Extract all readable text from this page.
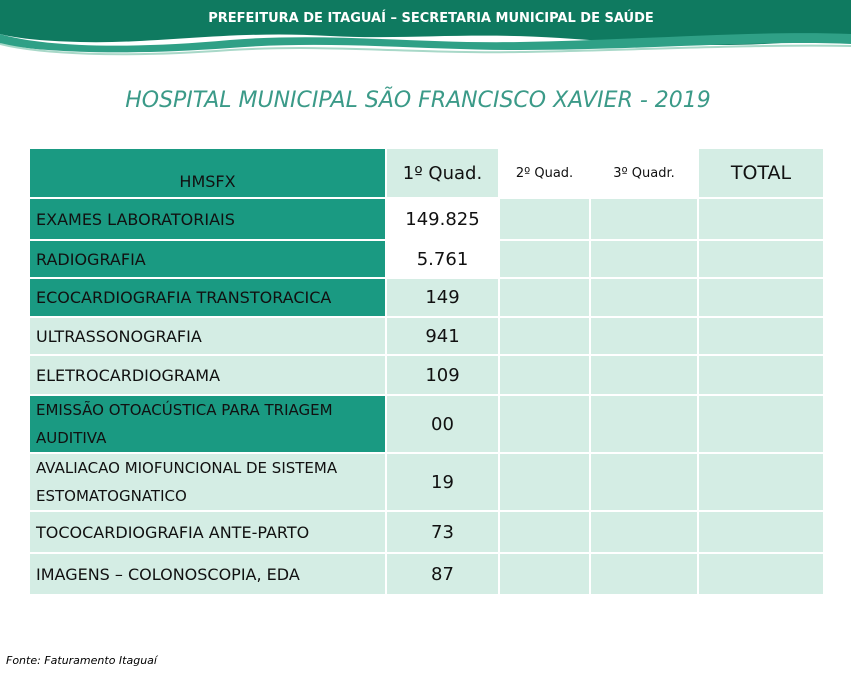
PREFEITURA DE ITAGUAÍ – SECRETARIA MUNICIPAL DE SAÚDE
HOSPITAL MUNICIPAL SÃO FRANCISCO XAVIER - 2019
HMSFX	1º Quad.	2º Quad.	3º Quadr.	TOTAL
EXAMES LABORATORIAIS	149.825			
RADIOGRAFIA	5.761			
ECOCARDIOGRAFIA TRANSTORACICA	149			
ULTRASSONOGRAFIA	941			
ELETROCARDIOGRAMA	109			
EMISSÃO OTOACÚSTICA PARA TRIAGEM
AUDITIVA	00			
AVALIACAO MIOFUNCIONAL DE SISTEMA
ESTOMATOGNATICO	19			
TOCOCARDIOGRAFIA ANTE-PARTO	73			
IMAGENS – COLONOSCOPIA, EDA	87			
Fonte: Faturamento Itaguaí
